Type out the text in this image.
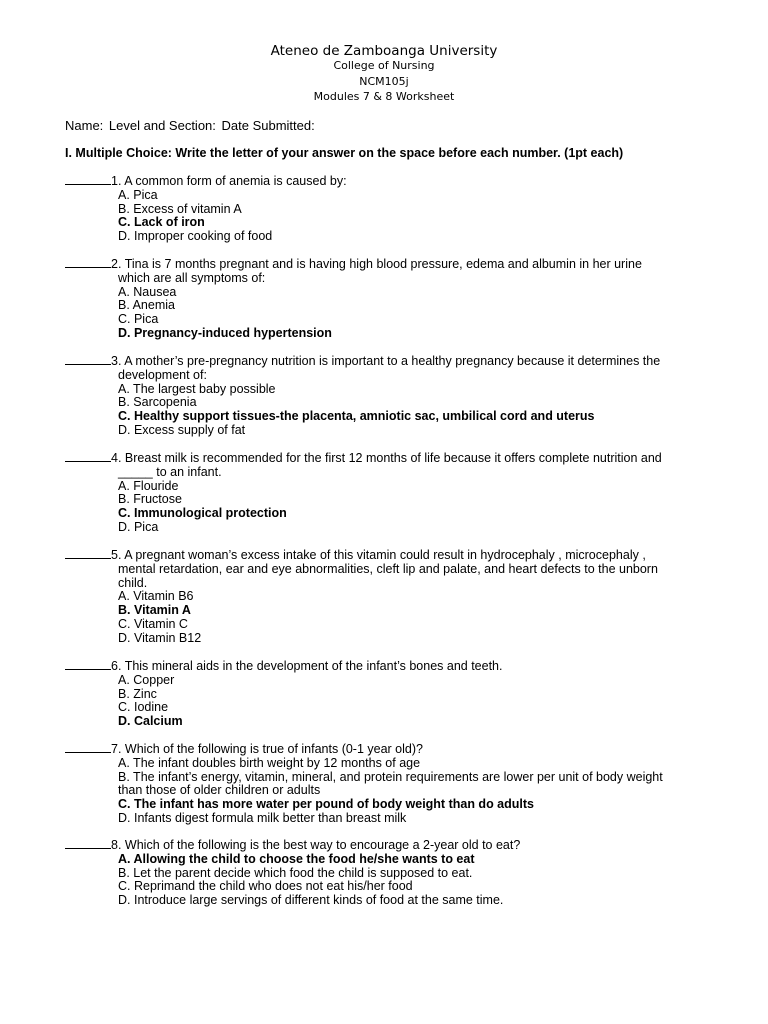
Ateneo de Zamboanga University
College of Nursing
NCM105j
Modules 7 & 8 Worksheet
Name: Level and Section: Date Submitted:
I. Multiple Choice: Write the letter of your answer on the space before each number. (1pt each)
1. A common form of anemia is caused by:
A. Pica
B. Excess of vitamin A
C. Lack of iron
D. Improper cooking of food
2. Tina is 7 months pregnant and is having high blood pressure, edema and albumin in her urine
which are all symptoms of:
A. Nausea
B. Anemia
C. Pica
D. Pregnancy-induced hypertension
3. A mother’s pre-pregnancy nutrition is important to a healthy pregnancy because it determines the
development of:
A. The largest baby possible
B. Sarcopenia
C. Healthy support tissues-the placenta, amniotic sac, umbilical cord and uterus
D. Excess supply of fat
4. Breast milk is recommended for the first 12 months of life because it offers complete nutrition and
_____ to an infant.
A. Flouride
B. Fructose
C. Immunological protection
D. Pica
5. A pregnant woman’s excess intake of this vitamin could result in hydrocephaly , microcephaly ,
mental retardation, ear and eye abnormalities, cleft lip and palate, and heart defects to the unborn
child.
A. Vitamin B6
B. Vitamin A
C. Vitamin C
D. Vitamin B12
6. This mineral aids in the development of the infant’s bones and teeth.
A. Copper
B. Zinc
C. Iodine
D. Calcium
7. Which of the following is true of infants (0-1 year old)?
A. The infant doubles birth weight by 12 months of age
B. The infant’s energy, vitamin, mineral, and protein requirements are lower per unit of body weight
than those of older children or adults
C. The infant has more water per pound of body weight than do adults
D. Infants digest formula milk better than breast milk
8. Which of the following is the best way to encourage a 2-year old to eat?
A. Allowing the child to choose the food he/she wants to eat
B. Let the parent decide which food the child is supposed to eat.
C. Reprimand the child who does not eat his/her food
D. Introduce large servings of different kinds of food at the same time.
